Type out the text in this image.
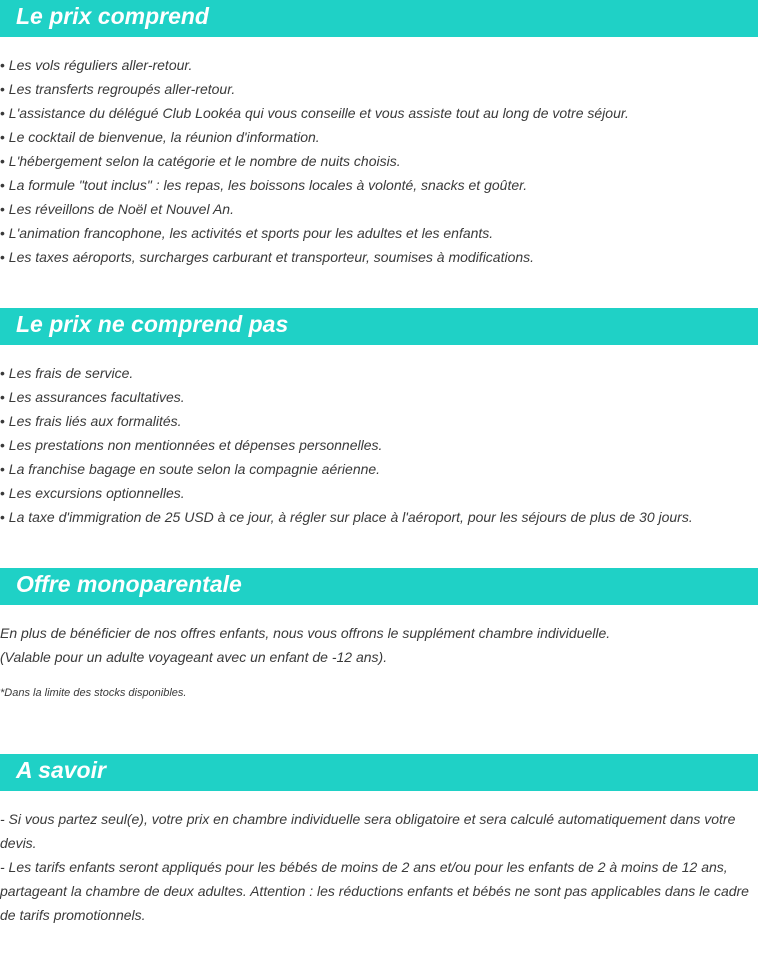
Le prix comprend
• Les vols réguliers aller-retour.
• Les transferts regroupés aller-retour.
• L'assistance du délégué Club Lookéa qui vous conseille et vous assiste tout au long de votre séjour.
• Le cocktail de bienvenue, la réunion d'information.
• L'hébergement selon la catégorie et le nombre de nuits choisis.
• La formule "tout inclus" : les repas, les boissons locales à volonté, snacks et goûter.
• Les réveillons de Noël et Nouvel An.
• L'animation francophone, les activités et sports pour les adultes et les enfants.
• Les taxes aéroports, surcharges carburant et transporteur, soumises à modifications.
Le prix ne comprend pas
• Les frais de service.
• Les assurances facultatives.
• Les frais liés aux formalités.
• Les prestations non mentionnées et dépenses personnelles.
• La franchise bagage en soute selon la compagnie aérienne.
• Les excursions optionnelles.
• La taxe d'immigration de 25 USD à ce jour, à régler sur place à l'aéroport, pour les séjours de plus de 30 jours.
Offre monoparentale

En plus de bénéficier de nos offres enfants, nous vous offrons le supplément chambre individuelle.

(Valable pour un adulte voyageant avec un enfant de -12 ans).

*Dans la limite des stocks disponibles.

A savoir

- Si vous partez seul(e), votre prix en chambre individuelle sera obligatoire et sera calculé automatiquement dans votre devis.

- Les tarifs enfants seront appliqués pour les bébés de moins de 2 ans et/ou pour les enfants de 2 à moins de 12 ans, partageant la chambre de deux adultes. Attention : les réductions enfants et bébés ne sont pas applicables dans le cadre de tarifs promotionnels.
